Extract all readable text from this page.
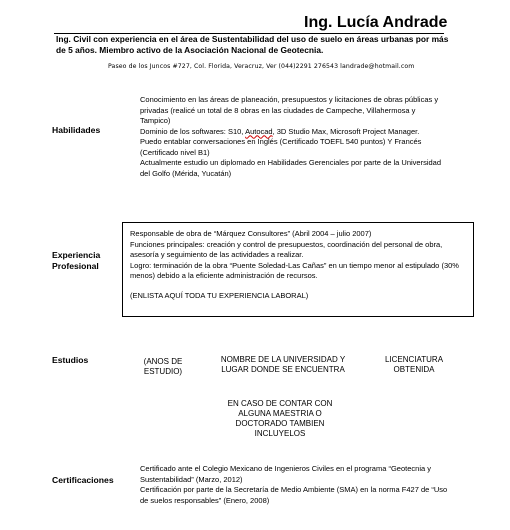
Ing. Lucía Andrade
Ing. Civil con experiencia en el área de Sustentabilidad del uso de suelo en áreas urbanas por más de 5 años. Miembro activo de la Asociación Nacional de Geotecnia.
Paseo de los Juncos #727, Col. Florida, Veracruz, Ver (044)2291 276543 landrade@hotmail.com
Habilidades

Conocimiento en las áreas de planeación, presupuestos y licitaciones de obras públicas y privadas (realicé un total de 8 obras en las ciudades de Campeche, Villahermosa y Tampico)

Dominio de los softwares: S10, Autocad, 3D Studio Max, Microsoft Project Manager.

Puedo entablar conversaciones en Inglés (Certificado TOEFL 540 puntos) Y Francés (Certificado nivel B1)

Actualmente estudio un diplomado en Habilidades Gerenciales por parte de la Universidad del Golfo (Mérida, Yucatán)

Experiencia Profesional

Responsable de obra de “Márquez Consultores” (Abril 2004 – julio 2007)

Funciones principales: creación y control de presupuestos, coordinación del personal de obra, asesoría y seguimiento de las actividades a realizar.

Logro: terminación de la obra “Puente Soledad-Las Cañas” en un tiempo menor al estipulado (30% menos) debido a la eficiente administración de recursos.

(ENLISTA AQUÍ TODA TU EXPERIENCIA LABORAL)

Estudios	(ANOS DE ESTUDIO)
NOMBRE DE LA UNIVERSIDAD Y LUGAR DONDE SE ENCUENTRA
LICENCIATURA OBTENIDA
EN CASO DE CONTAR CON ALGUNA MAESTRIA O DOCTORADO TAMBIEN INCLUYELOS
Certificaciones

Certificado ante el Colegio Mexicano de Ingenieros Civiles en el programa “Geotecnia y Sustentabilidad” (Marzo, 2012)

Certificación por parte de la Secretaría de Medio Ambiente (SMA) en la norma F427 de “Uso de suelos responsables” (Enero, 2008)
